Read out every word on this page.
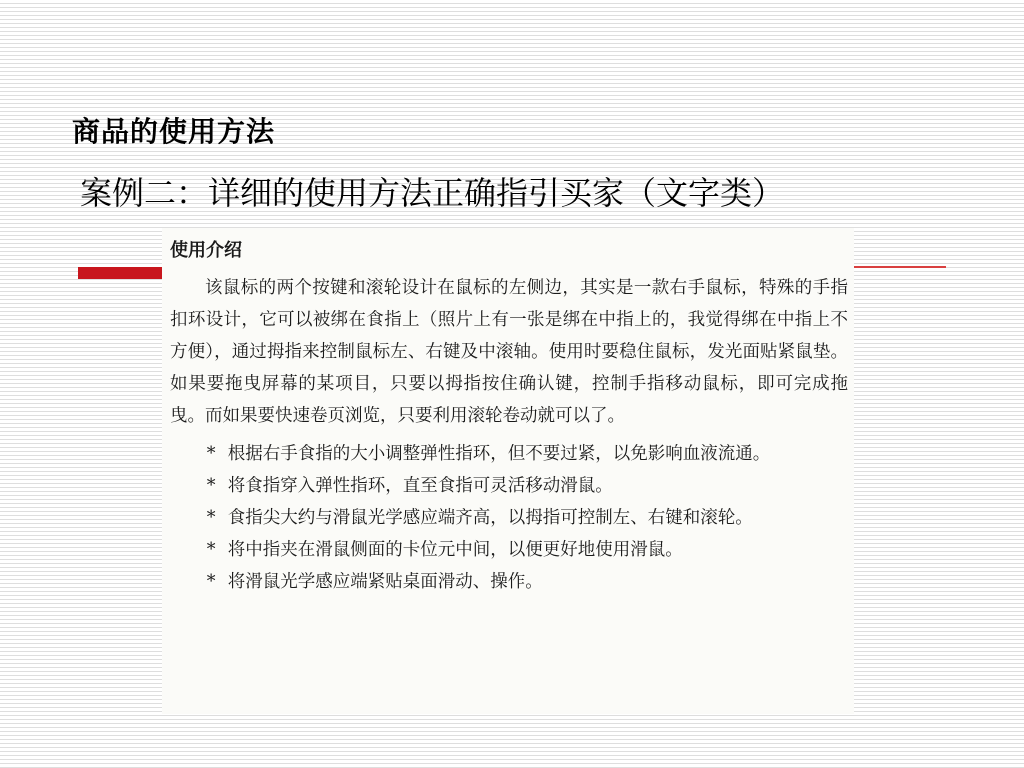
商品的使用方法
案例二：详细的使用方法正确指引买家（文字类）
使用介绍

该鼠标的两个按键和滚轮设计在鼠标的左侧边，其实是一款右手鼠标，特殊的手指扣环设计，它可以被绑在食指上（照片上有一张是绑在中指上的，我觉得绑在中指上不方便），通过拇指来控制鼠标左、右键及中滚轴。使用时要稳住鼠标，发光面贴紧鼠垫。如果要拖曳屏幕的某项目，只要以拇指按住确认键，控制手指移动鼠标，即可完成拖曳。而如果要快速卷页浏览，只要利用滚轮卷动就可以了。

* 根据右手食指的大小调整弹性指环，但不要过紧，以免影响血液流通。
* 将食指穿入弹性指环，直至食指可灵活移动滑鼠。
* 食指尖大约与滑鼠光学感应端齐高，以拇指可控制左、右键和滚轮。
* 将中指夹在滑鼠侧面的卡位元中间，以便更好地使用滑鼠。
* 将滑鼠光学感应端紧贴桌面滑动、操作。
